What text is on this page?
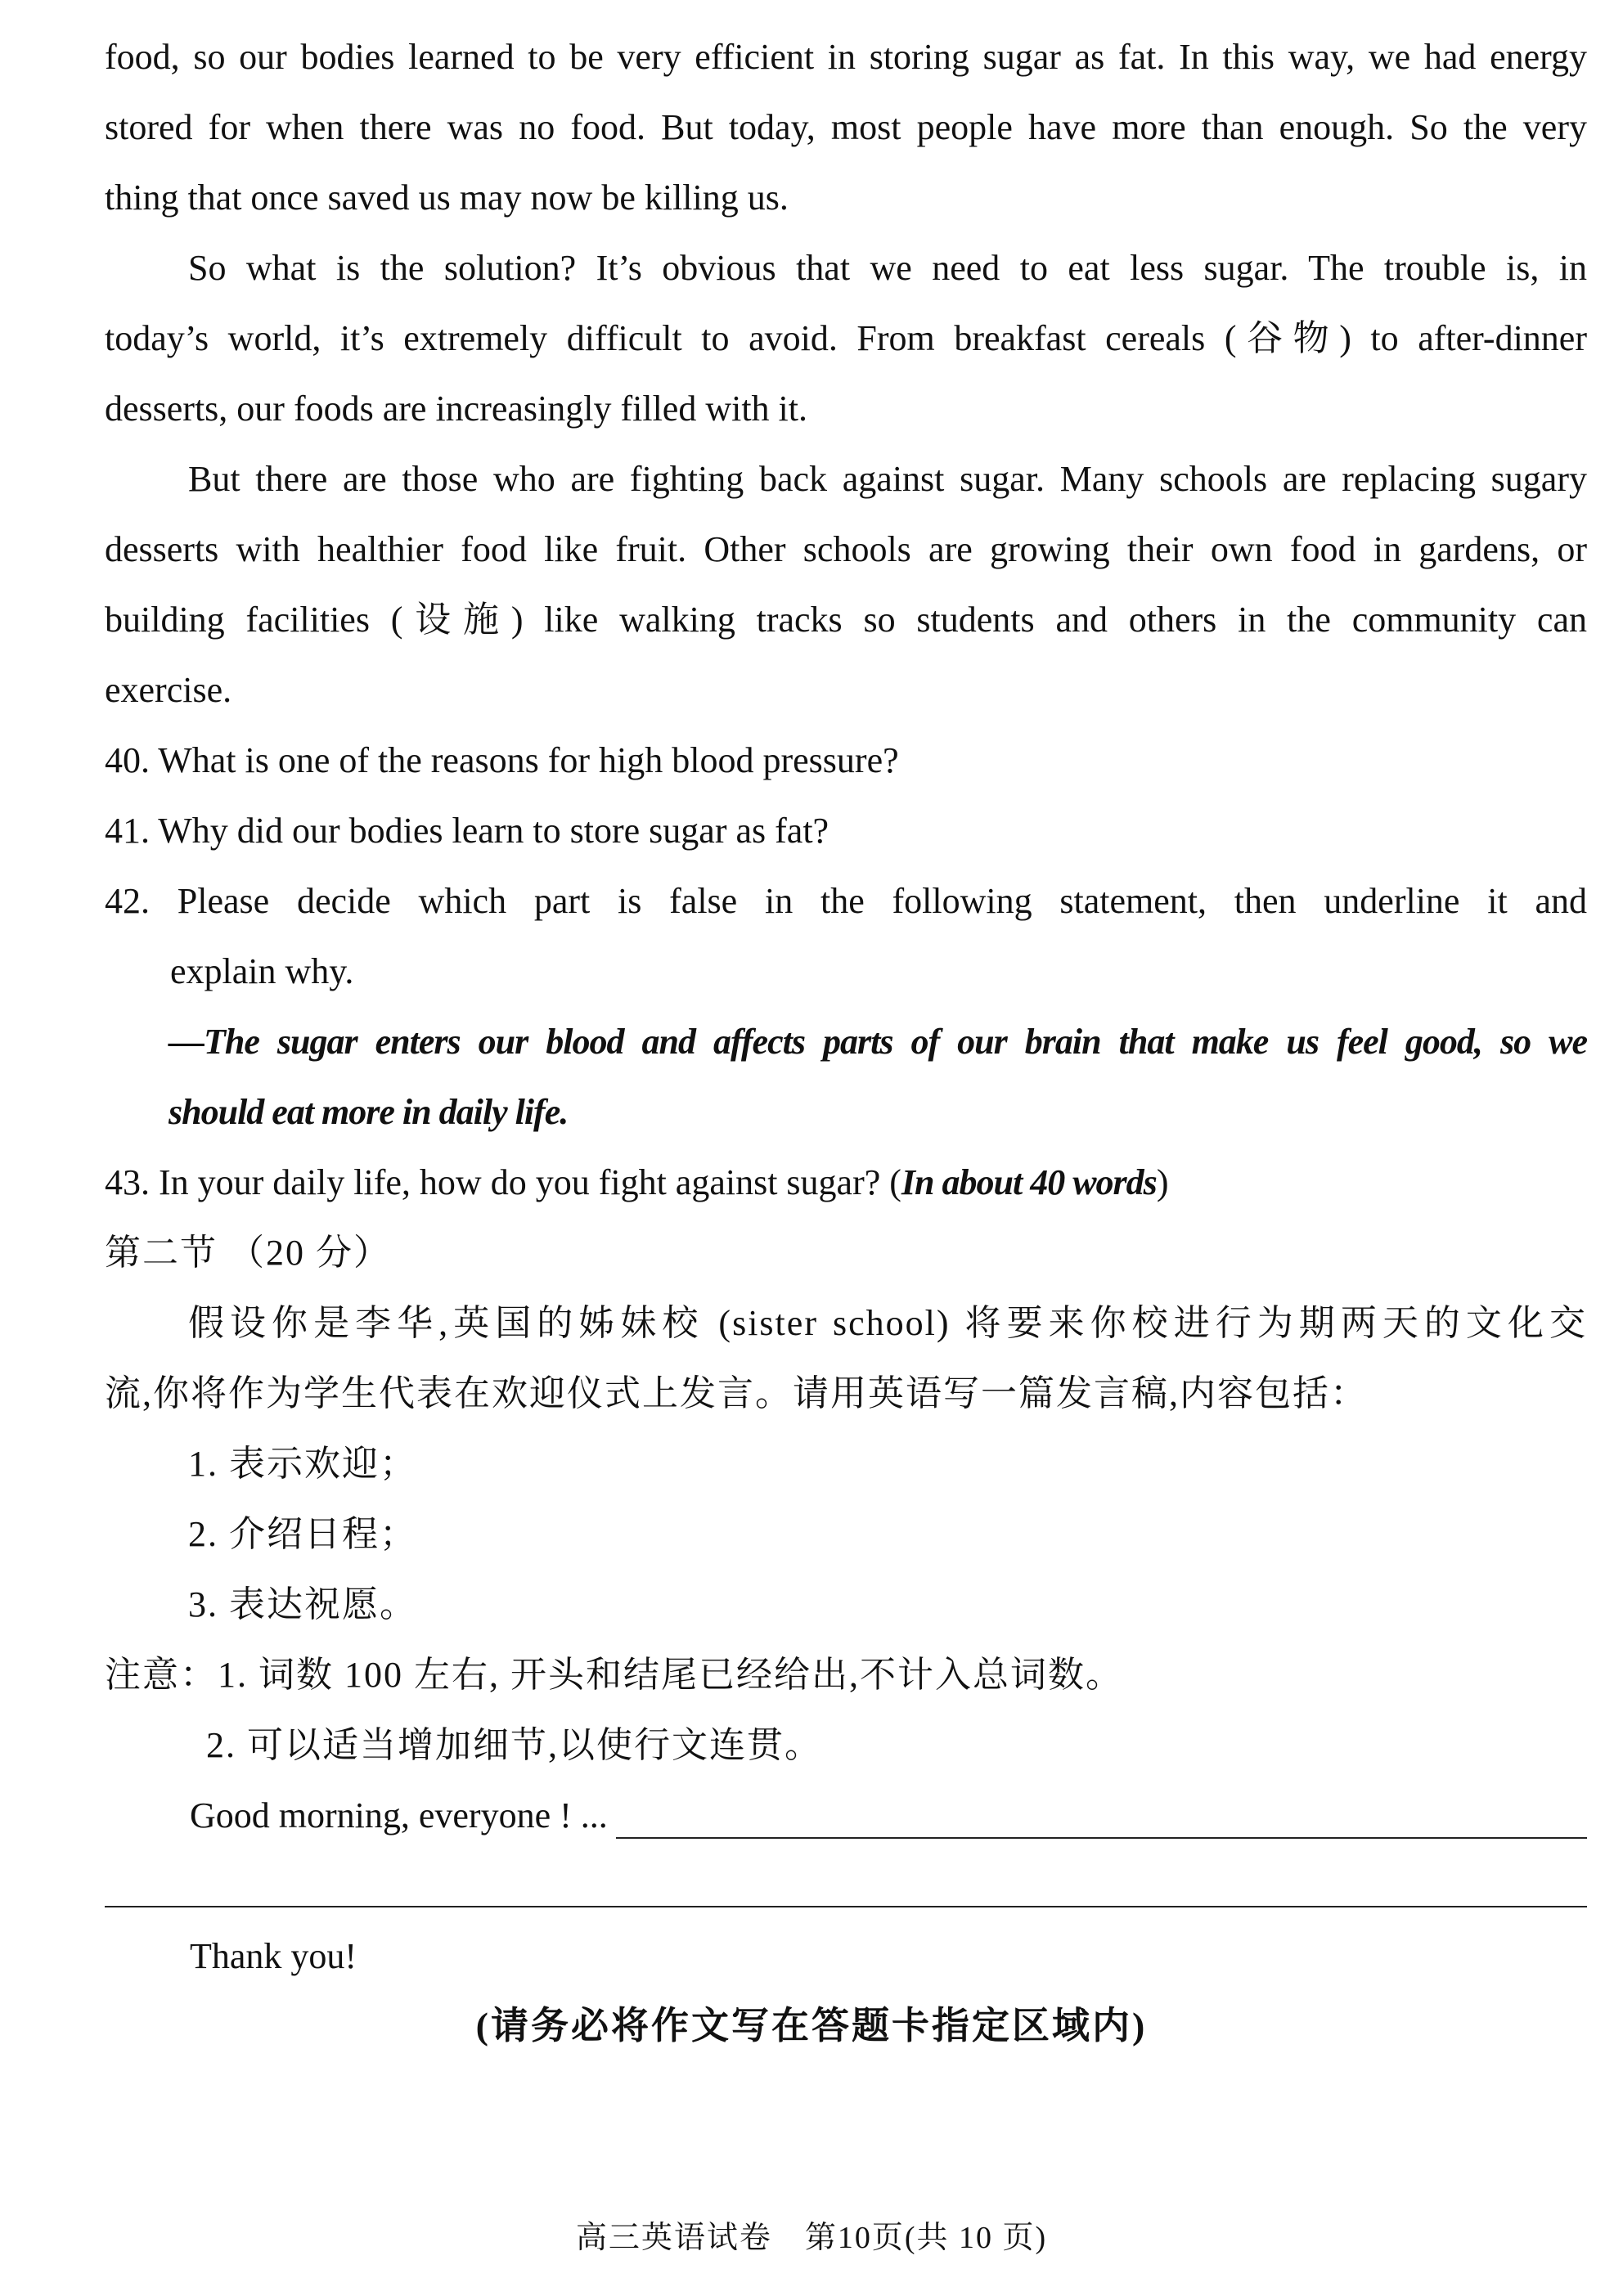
food, so our bodies learned to be very efficient in storing sugar as fat. In this way, we had energy
stored for when there was no food. But today, most people have more than enough. So the very
thing that once saved us may now be killing us.
So what is the solution? It’s obvious that we need to eat less sugar. The trouble is, in
today’s world, it’s extremely difficult to avoid. From breakfast cereals (谷物) to after-dinner
desserts, our foods are increasingly filled with it.
But there are those who are fighting back against sugar. Many schools are replacing sugary
desserts with healthier food like fruit. Other schools are growing their own food in gardens, or
building facilities (设施) like walking tracks so students and others in the community can
exercise.
40. What is one of the reasons for high blood pressure?
41. Why did our bodies learn to store sugar as fat?
42. Please decide which part is false in the following statement, then underline it and
explain why.
—The sugar enters our blood and affects parts of our brain that make us feel good, so we
should eat more in daily life.
43. In your daily life, how do you fight against sugar? (In about 40 words)
第二节 （20 分）
假设你是李华,英国的姊妹校 (sister school) 将要来你校进行为期两天的文化交
流,你将作为学生代表在欢迎仪式上发言。请用英语写一篇发言稿,内容包括：
1. 表示欢迎；
2. 介绍日程；
3. 表达祝愿。
注意：1. 词数 100 左右, 开头和结尾已经给出,不计入总词数。
2. 可以适当增加细节,以使行文连贯。
Good morning, everyone ! ...
Thank you!
(请务必将作文写在答题卡指定区域内)
高三英语试卷　第10页(共 10 页)
